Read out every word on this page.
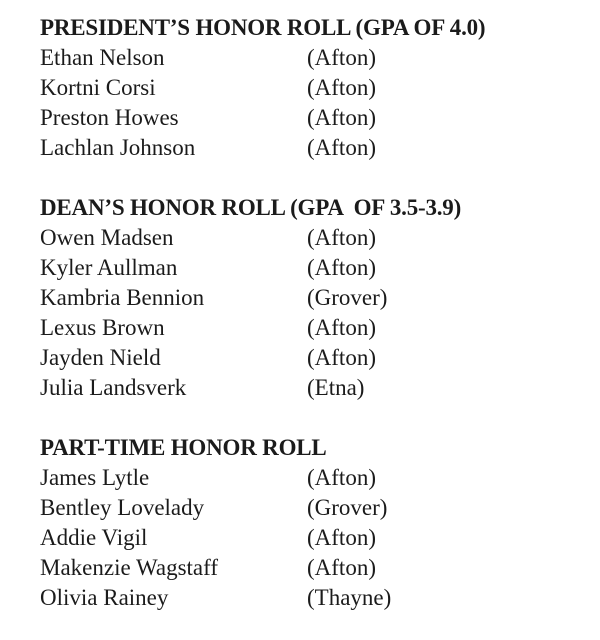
PRESIDENT’S HONOR ROLL (GPA OF 4.0)
Ethan Nelson	(Afton)
Kortni Corsi	(Afton)
Preston Howes	(Afton)
Lachlan Johnson	(Afton)
DEAN’S HONOR ROLL (GPA  OF 3.5-3.9)
Owen Madsen	(Afton)
Kyler Aullman	(Afton)
Kambria Bennion	(Grover)
Lexus Brown	(Afton)
Jayden Nield	(Afton)
Julia Landsverk	(Etna)
PART-TIME HONOR ROLL
James Lytle	(Afton)
Bentley Lovelady	(Grover)
Addie Vigil	(Afton)
Makenzie Wagstaff	(Afton)
Olivia Rainey	(Thayne)
